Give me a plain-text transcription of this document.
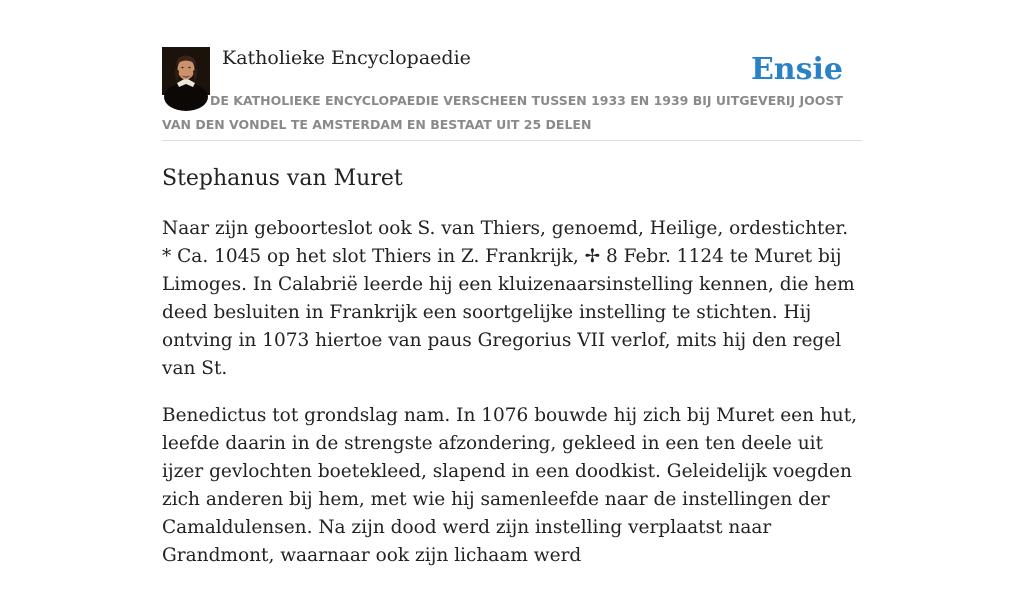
Katholieke Encyclopaedie	Ensie
DE KATHOLIEKE ENCYCLOPAEDIE VERSCHEEN TUSSEN 1933 EN 1939 BIJ UITGEVERIJ JOOST VAN DEN VONDEL TE AMSTERDAM EN BESTAAT UIT 25 DELEN
Stephanus van Muret

Naar zijn geboorteslot ook S. van Thiers, genoemd, Heilige, ordestichter. * Ca. 1045 op het slot Thiers in Z. Frankrijk, ✢ 8 Febr. 1124 te Muret bij Limoges. In Calabrië leerde hij een kluizenaarsinstelling kennen, die hem deed besluiten in Frankrijk een soortgelijke instelling te stichten. Hij ontving in 1073 hiertoe van paus Gregorius VII verlof, mits hij den regel van St.

Benedictus tot grondslag nam. In 1076 bouwde hij zich bij Muret een hut, leefde daarin in de strengste afzondering, gekleed in een ten deele uit ijzer gevlochten boetekleed, slapend in een doodkist. Geleidelijk voegden zich anderen bij hem, met wie hij samenleefde naar de instellingen der Camaldulensen. Na zijn dood werd zijn instelling verplaatst naar Grandmont, waarnaar ook zijn lichaam werd
